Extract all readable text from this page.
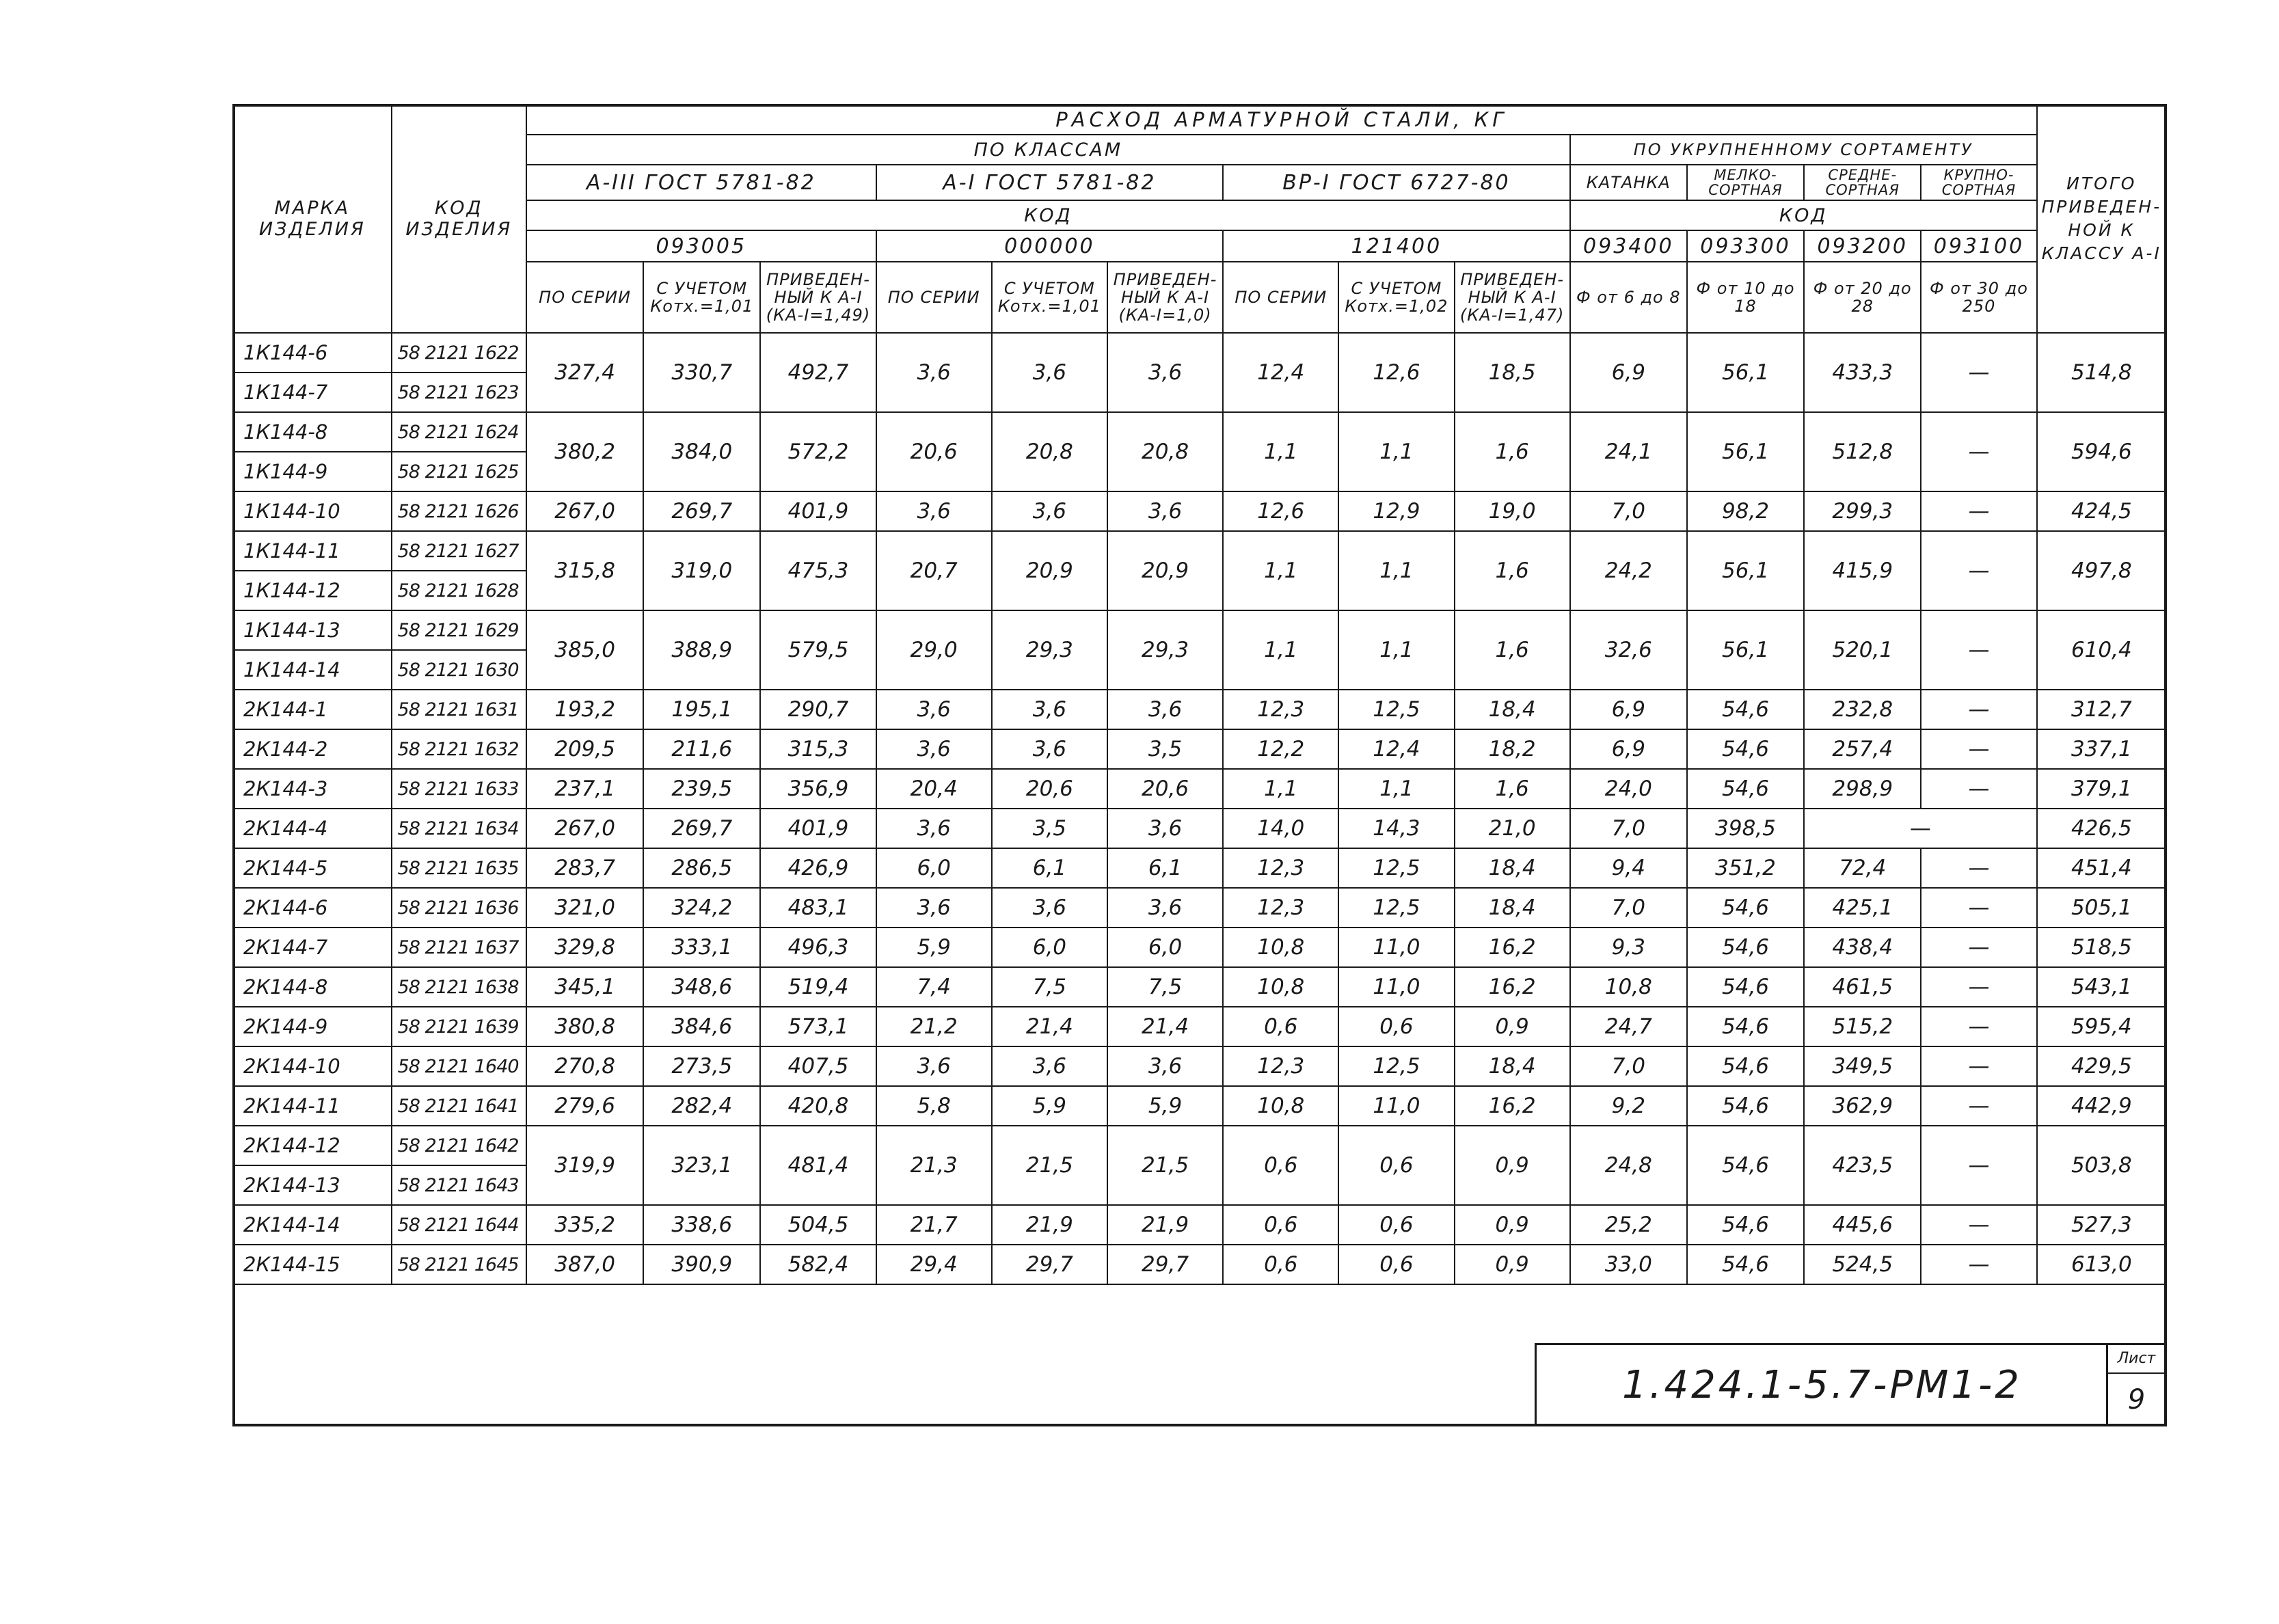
МАРКА ИЗДЕЛИЯ	КОД ИЗДЕЛИЯ	РАСХОД АРМАТУРНОЙ СТАЛИ, КГ													ИТОГО ПРИВЕДЕН-НОЙ К КЛАССУ А-I
		ПО КЛАССАМ									ПО УКРУПНЕННОМУ СОРТАМЕНТУ				
		А-III ГОСТ 5781-82			А-I ГОСТ 5781-82			ВР-I ГОСТ 6727-80			КАТАНКА	МЕЛКО-СОРТНАЯ	СРЕДНЕ-СОРТНАЯ	КРУПНО-СОРТНАЯ	
		КОД									КОД				
		093005			000000			121400			093400	093300	093200	093100	
		ПО СЕРИИ	С УЧЕТОМ Котх.=1,01	ПРИВЕДЕН-НЫЙ К А-I (КА-I=1,49)	ПО СЕРИИ	С УЧЕТОМ Котх.=1,01	ПРИВЕДЕН-НЫЙ К А-I (КА-I=1,0)	ПО СЕРИИ	С УЧЕТОМ Котх.=1,02	ПРИВЕДЕН-НЫЙ К А-I (КА-I=1,47)	Ф от 6 до 8	Ф от 10 до 18	Ф от 20 до 28	Ф от 30 до 250	
1К144-6	58 2121 1622	327,4	330,7	492,7	3,6	3,6	3,6	12,4	12,6	18,5	6,9	56,1	433,3	—	514,8
1К144-7	58 2121 1623														
1К144-8	58 2121 1624	380,2	384,0	572,2	20,6	20,8	20,8	1,1	1,1	1,6	24,1	56,1	512,8	—	594,6
1К144-9	58 2121 1625														
1К144-10	58 2121 1626	267,0	269,7	401,9	3,6	3,6	3,6	12,6	12,9	19,0	7,0	98,2	299,3	—	424,5
1К144-11	58 2121 1627	315,8	319,0	475,3	20,7	20,9	20,9	1,1	1,1	1,6	24,2	56,1	415,9	—	497,8
1К144-12	58 2121 1628														
1К144-13	58 2121 1629	385,0	388,9	579,5	29,0	29,3	29,3	1,1	1,1	1,6	32,6	56,1	520,1	—	610,4
1К144-14	58 2121 1630														
2К144-1	58 2121 1631	193,2	195,1	290,7	3,6	3,6	3,6	12,3	12,5	18,4	6,9	54,6	232,8	—	312,7
2К144-2	58 2121 1632	209,5	211,6	315,3	3,6	3,6	3,5	12,2	12,4	18,2	6,9	54,6	257,4	—	337,1
2К144-3	58 2121 1633	237,1	239,5	356,9	20,4	20,6	20,6	1,1	1,1	1,6	24,0	54,6	298,9	—	379,1
2К144-4	58 2121 1634	267,0	269,7	401,9	3,6	3,5	3,6	14,0	14,3	21,0	7,0	398,5	—		426,5
2К144-5	58 2121 1635	283,7	286,5	426,9	6,0	6,1	6,1	12,3	12,5	18,4	9,4	351,2	72,4	—	451,4
2К144-6	58 2121 1636	321,0	324,2	483,1	3,6	3,6	3,6	12,3	12,5	18,4	7,0	54,6	425,1	—	505,1
2К144-7	58 2121 1637	329,8	333,1	496,3	5,9	6,0	6,0	10,8	11,0	16,2	9,3	54,6	438,4	—	518,5
2К144-8	58 2121 1638	345,1	348,6	519,4	7,4	7,5	7,5	10,8	11,0	16,2	10,8	54,6	461,5	—	543,1
2К144-9	58 2121 1639	380,8	384,6	573,1	21,2	21,4	21,4	0,6	0,6	0,9	24,7	54,6	515,2	—	595,4
2К144-10	58 2121 1640	270,8	273,5	407,5	3,6	3,6	3,6	12,3	12,5	18,4	7,0	54,6	349,5	—	429,5
2К144-11	58 2121 1641	279,6	282,4	420,8	5,8	5,9	5,9	10,8	11,0	16,2	9,2	54,6	362,9	—	442,9
2К144-12	58 2121 1642	319,9	323,1	481,4	21,3	21,5	21,5	0,6	0,6	0,9	24,8	54,6	423,5	—	503,8
2К144-13	58 2121 1643														
2К144-14	58 2121 1644	335,2	338,6	504,5	21,7	21,9	21,9	0,6	0,6	0,9	25,2	54,6	445,6	—	527,3
2К144-15	58 2121 1645	387,0	390,9	582,4	29,4	29,7	29,7	0,6	0,6	0,9	33,0	54,6	524,5	—	613,0
1.424.1-5.7-РМ1-2
Лист
9
